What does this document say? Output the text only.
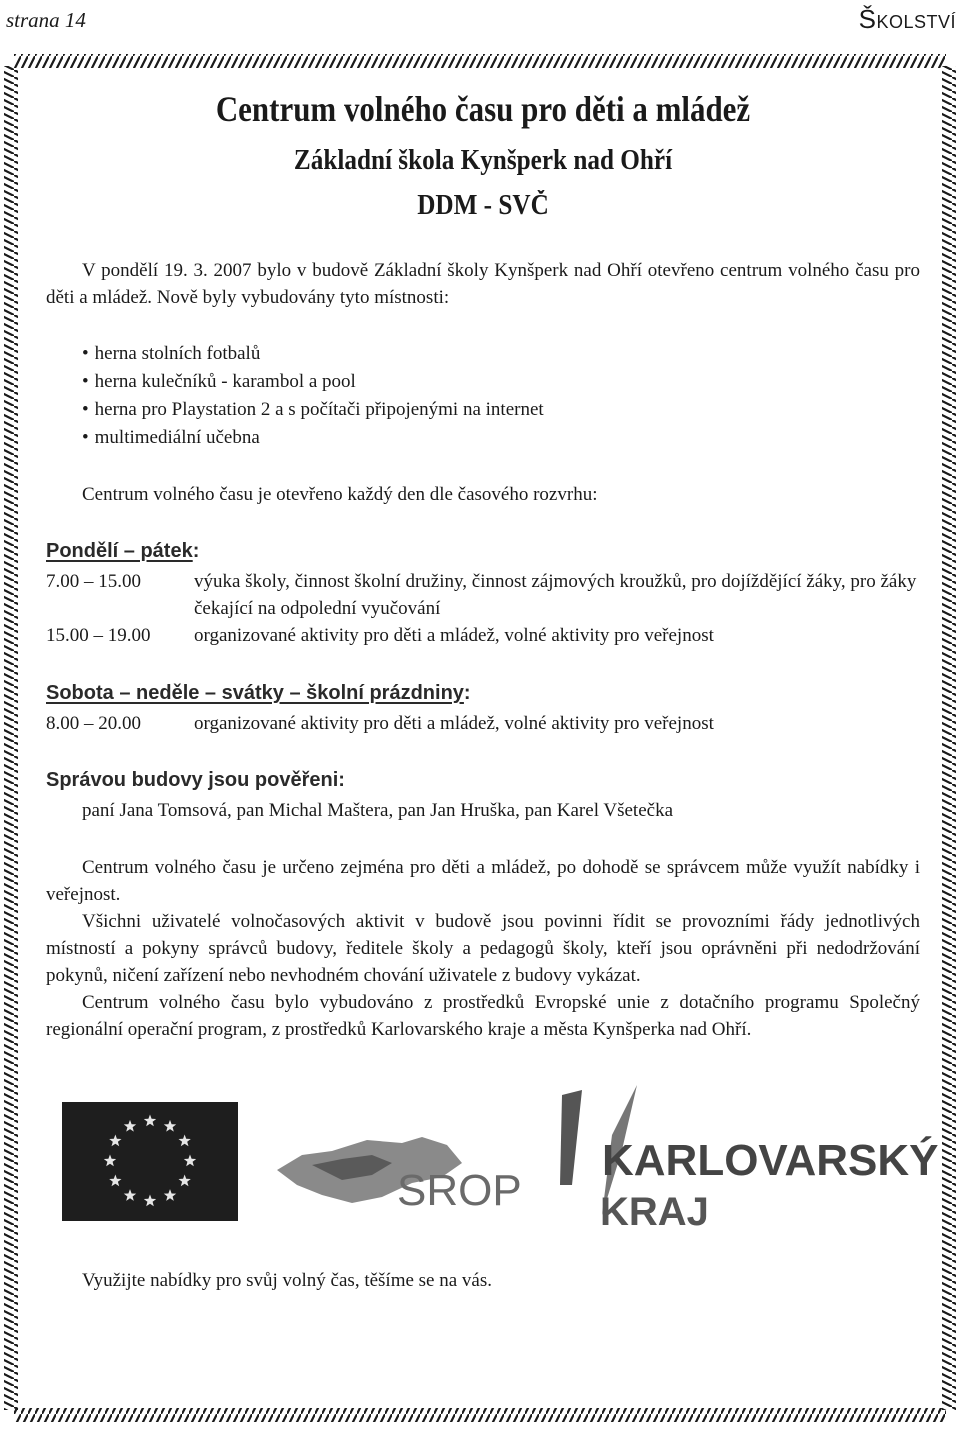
strana 14	Školství
Centrum volného času pro děti a mládež
Základní škola Kynšperk nad Ohří
DDM - SVČ

V pondělí 19. 3. 2007 bylo v budově Základní školy Kynšperk nad Ohří otevřeno centrum volného času pro děti a mládež. Nově byly vybudovány tyto místnosti:

• herna stolních fotbalů
• herna kulečníků - karambol a pool
• herna pro Playstation 2 a s počítači připojenými na internet
• multimediální učebna

Centrum volného času je otevřeno každý den dle časového rozvrhu:

Pondělí – pátek:
7.00 – 15.00	výuka školy, činnost školní družiny, činnost zájmových kroužků, pro dojíždějící žáky, pro žáky čekající na odpolední vyučování
15.00 – 19.00 organizované aktivity pro děti a mládež, volné aktivity pro veřejnost
Sobota – neděle – svátky – školní prázdniny:
8.00 – 20.00	organizované aktivity pro děti a mládež, volné aktivity pro veřejnost
Správou budovy jsou pověřeni:

paní Jana Tomsová, pan Michal Maštera, pan Jan Hruška, pan Karel Všetečka

Centrum volného času je určeno zejména pro děti a mládež, po dohodě se správcem může využít nabídky i veřejnost.

Všichni uživatelé volnočasových aktivit v budově jsou povinni řídit se provozními řády jednotlivých místností a pokyny správců budovy, ředitele školy a pedagogů školy, kteří jsou oprávněni při nedodržování pokynů, ničení zařízení nebo nevhodném chování uživatele z budovy vykázat.

Centrum volného času bylo vybudováno z prostředků Evropské unie z dotačního programu Společný regionální operační program, z prostředků Karlovarského kraje a města Kynšperka nad Ohří.

SROP
KARLOVARSKÝ
KRAJ
Využijte nabídky pro svůj volný čas, těšíme se na vás.
